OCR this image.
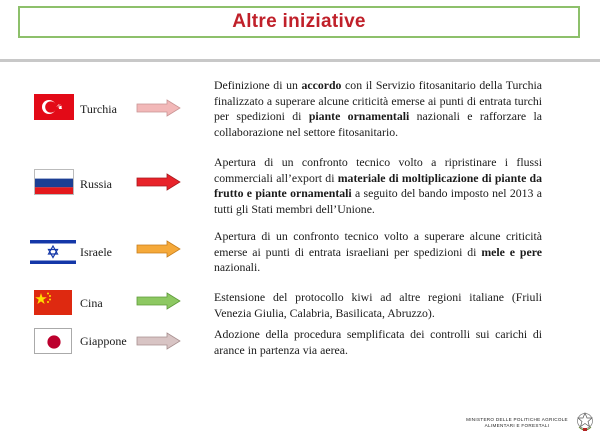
Altre iniziative
Turchia
Definizione di un accordo con il Servizio fitosanitario della Turchia finalizzato a superare alcune criticità emerse ai punti di entrata turchi per spedizioni di piante ornamentali nazionali e rafforzare la collaborazione nel settore fitosanitario.
Russia
Apertura di un confronto tecnico volto a ripristinare i flussi commerciali all’export di materiale di moltiplicazione di piante da frutto e piante ornamentali a seguito del bando imposto nel 2013 a tutti gli Stati membri dell’Unione.
Israele
Apertura di un confronto tecnico volto a superare alcune criticità emerse ai punti di entrata israeliani per spedizioni di mele e pere nazionali.
Cina	Estensione del protocollo kiwi ad altre regioni italiane (Friuli Venezia Giulia, Calabria, Basilicata, Abruzzo).
Giappone	Adozione della procedura semplificata dei controlli sui carichi di arance in partenza via aerea.
MINISTERO DELLE POLITICHE AGRICOLE
ALIMENTARI E FORESTALI
